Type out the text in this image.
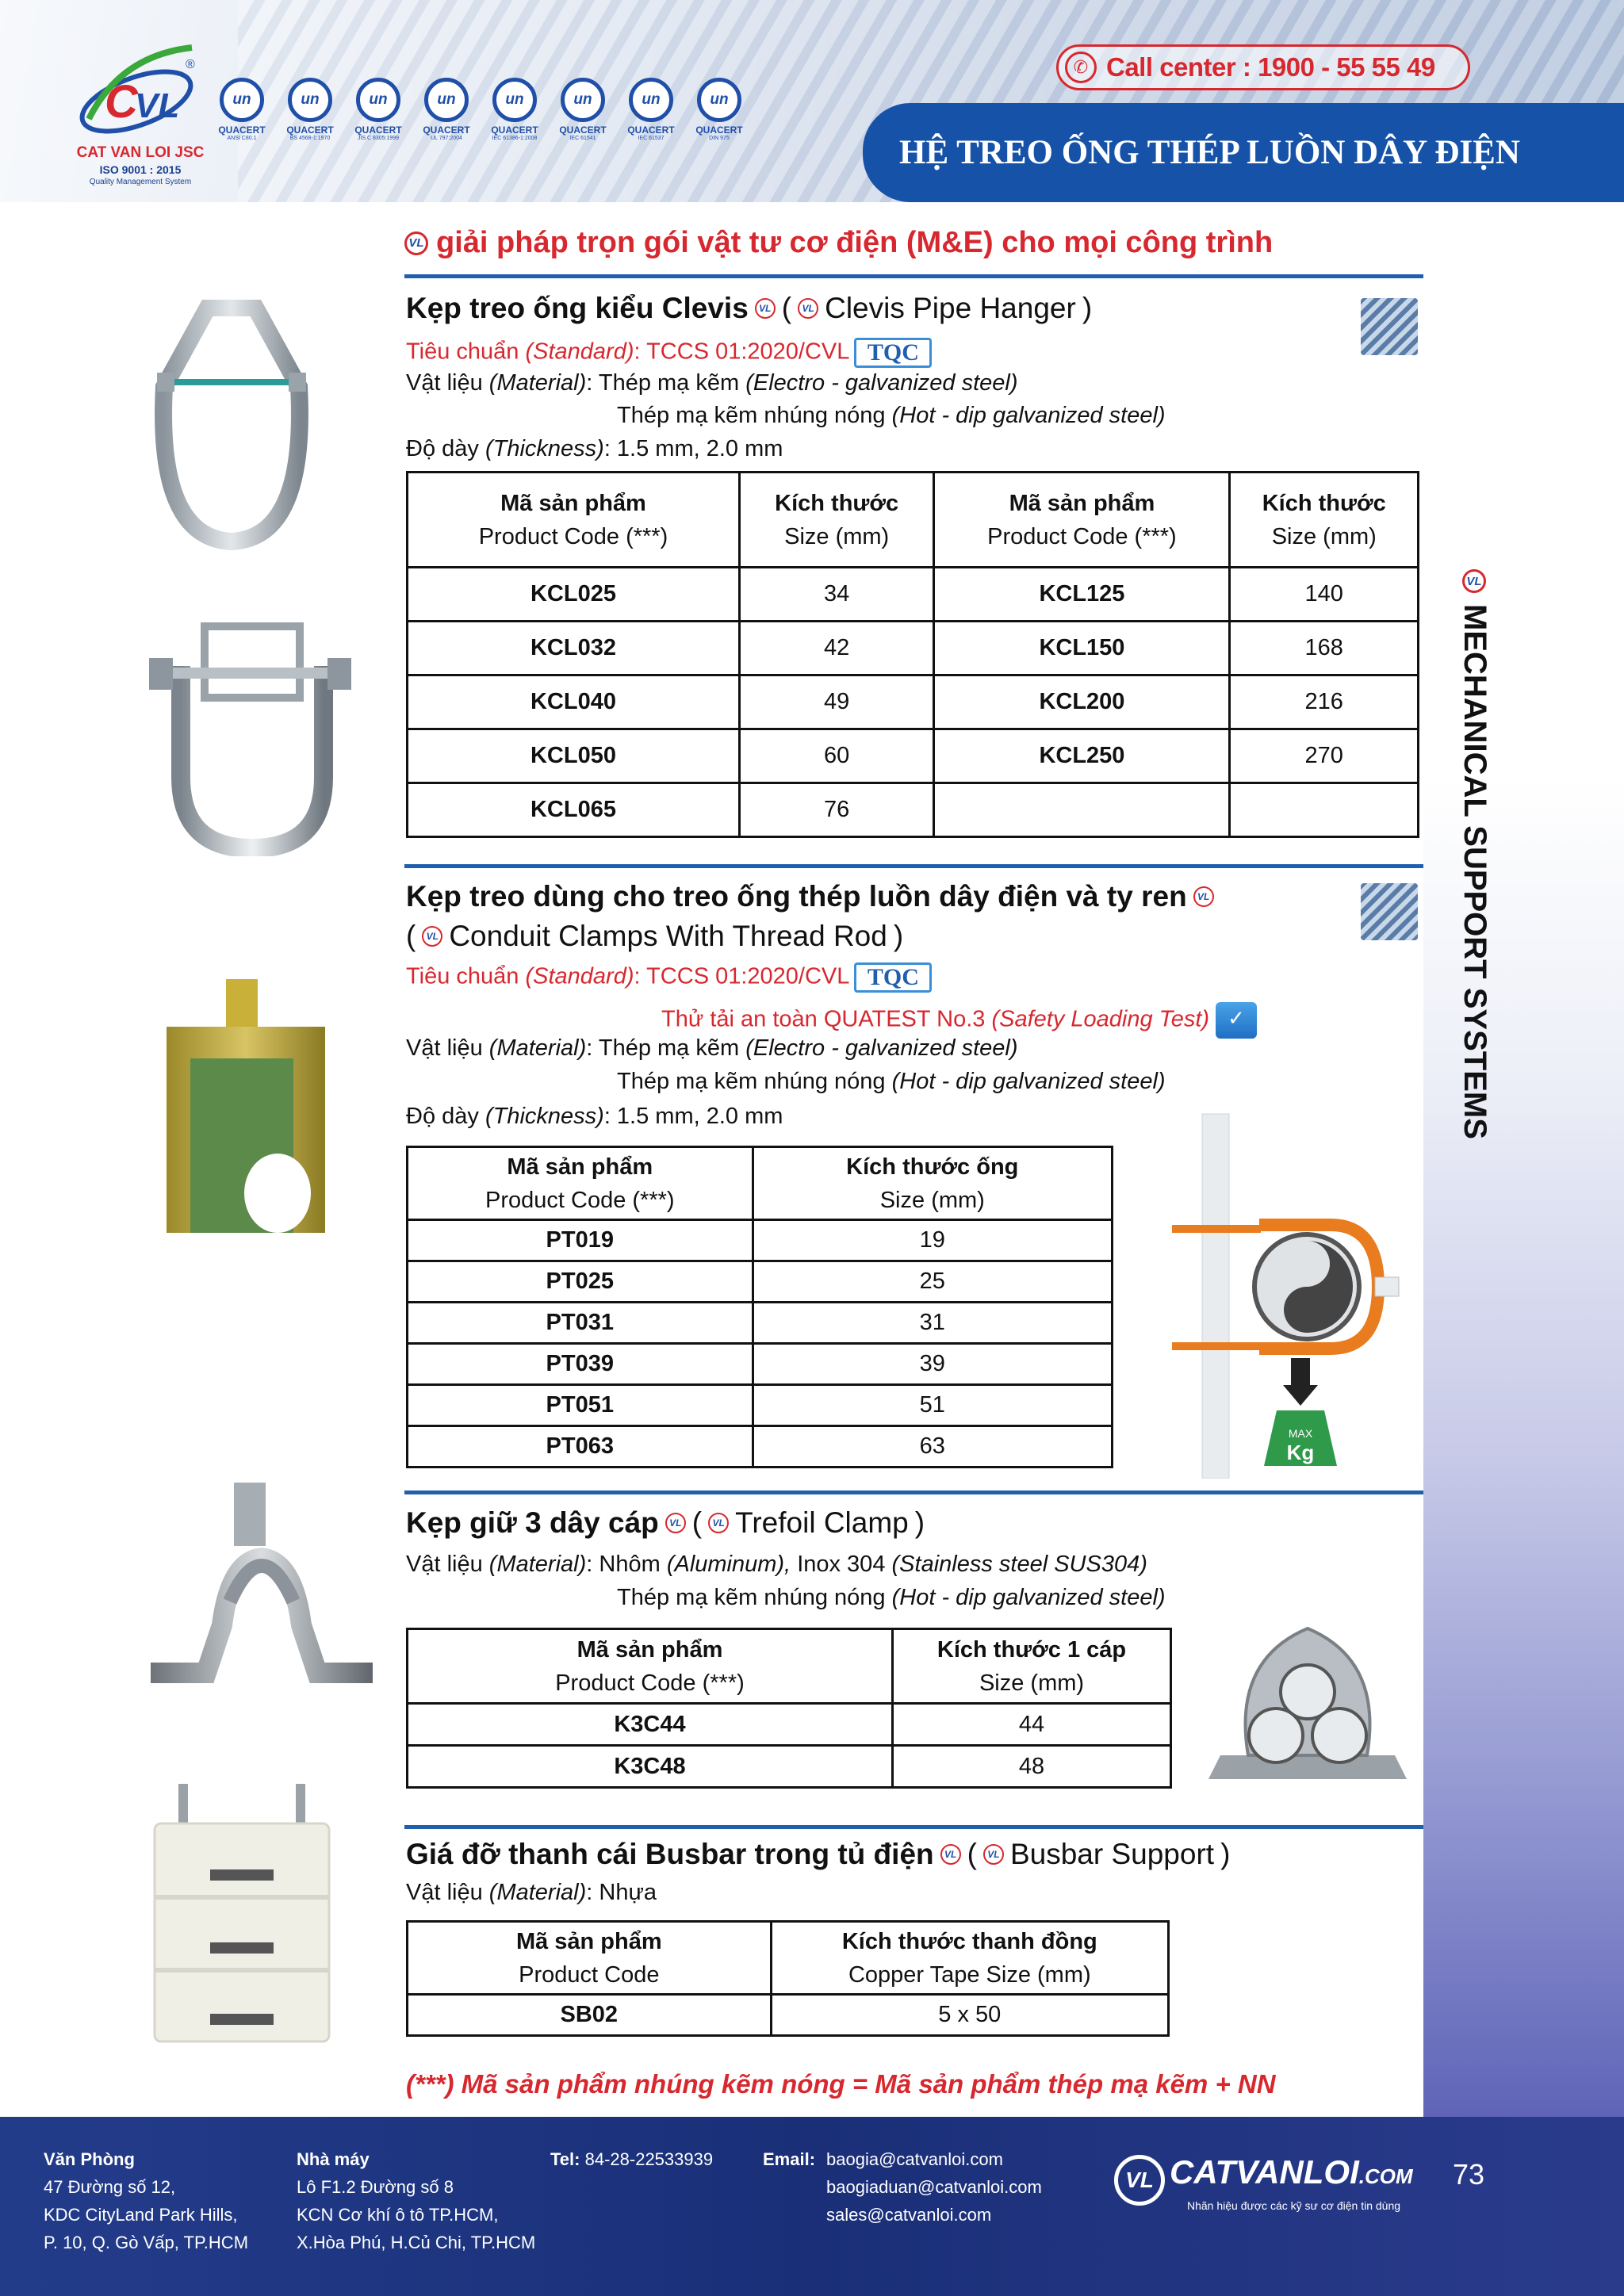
C
VL
®
CAT VAN LOI JSC
ISO 9001 : 2015
Quality Management System
un
QUACERT
ANSI C80.1
un
QUACERT
BS 4568-1:1970
un
QUACERT
JIS C 8305:1999
un
QUACERT
UL 797:2004
un
QUACERT
IEC 61386-1:2008
un
QUACERT
IEC 61541
un
QUACERT
IEC 61537
un
QUACERT
DIN 975
✆ Call center : 1900 - 55 55 49
HỆ TREO ỐNG THÉP LUỒN DÂY ĐIỆN
VL
MECHANICAL SUPPORT SYSTEMS
VL giải pháp trọn gói vật tư cơ điện (M&E) cho mọi công trình
Kẹp treo ống kiểu Clevis	VL (	VL Clevis Pipe Hanger )
Tiêu chuẩn (Standard): TCCS 01:2020/CVL TQC
Vật liệu (Material): Thép mạ kẽm (Electro - galvanized steel)
Thép mạ kẽm nhúng nóng (Hot - dip galvanized steel)
Độ dày (Thickness): 1.5 mm, 2.0 mm
Mã sản phẩm
Product Code (***)	Kích thước
Size (mm)	Mã sản phẩm
Product Code (***)	Kích thước
Size (mm)
KCL025	34	KCL125	140
KCL032	42	KCL150	168
KCL040	49	KCL200	216
KCL050	60	KCL250	270
KCL065	76		
Kẹp treo dùng cho treo ống thép luồn dây điện và ty ren	VL
(	VL Conduit Clamps With Thread Rod )
Tiêu chuẩn (Standard): TCCS 01:2020/CVL TQC
Thử tải an toàn QUATEST No.3 (Safety Loading Test) ✓
Vật liệu (Material): Thép mạ kẽm (Electro - galvanized steel)
Thép mạ kẽm nhúng nóng (Hot - dip galvanized steel)
Độ dày (Thickness): 1.5 mm, 2.0 mm
Mã sản phẩm
Product Code (***)	Kích thước ống
Size (mm)
PT019	19
PT025	25
PT031	31
PT039	39
PT051	51
PT063	63	MAX
Kg
Kẹp giữ 3 dây cáp	VL (	VL Trefoil Clamp )
Vật liệu (Material): Nhôm (Aluminum), Inox 304 (Stainless steel SUS304)
Thép mạ kẽm nhúng nóng (Hot - dip galvanized steel)
Mã sản phẩm
Product Code (***)	Kích thước 1 cáp
Size (mm)
K3C44	44
K3C48	48
Giá đỡ thanh cái Busbar trong tủ điện	VL (	VL Busbar Support )
Vật liệu (Material): Nhựa
Mã sản phẩm
Product Code	Kích thước thanh đồng
Copper Tape Size (mm)
SB02	5 x 50
(***) Mã sản phẩm nhúng kẽm nóng = Mã sản phẩm thép mạ kẽm + NN
Văn Phòng
47 Đường số 12,
KDC CityLand Park Hills,
P. 10, Q. Gò Vấp, TP.HCM
Nhà máy
Lô F1.2 Đường số 8
KCN Cơ khí ô tô TP.HCM,
X.Hòa Phú, H.Củ Chi, TP.HCM
Tel: 84-28-22533939	Email: baogia@catvanloi.com
baogiaduan@catvanloi.com
sales@catvanloi.com
VL CATVANLOI.COM
Nhãn hiệu được các kỹ sư cơ điện tin dùng
73
